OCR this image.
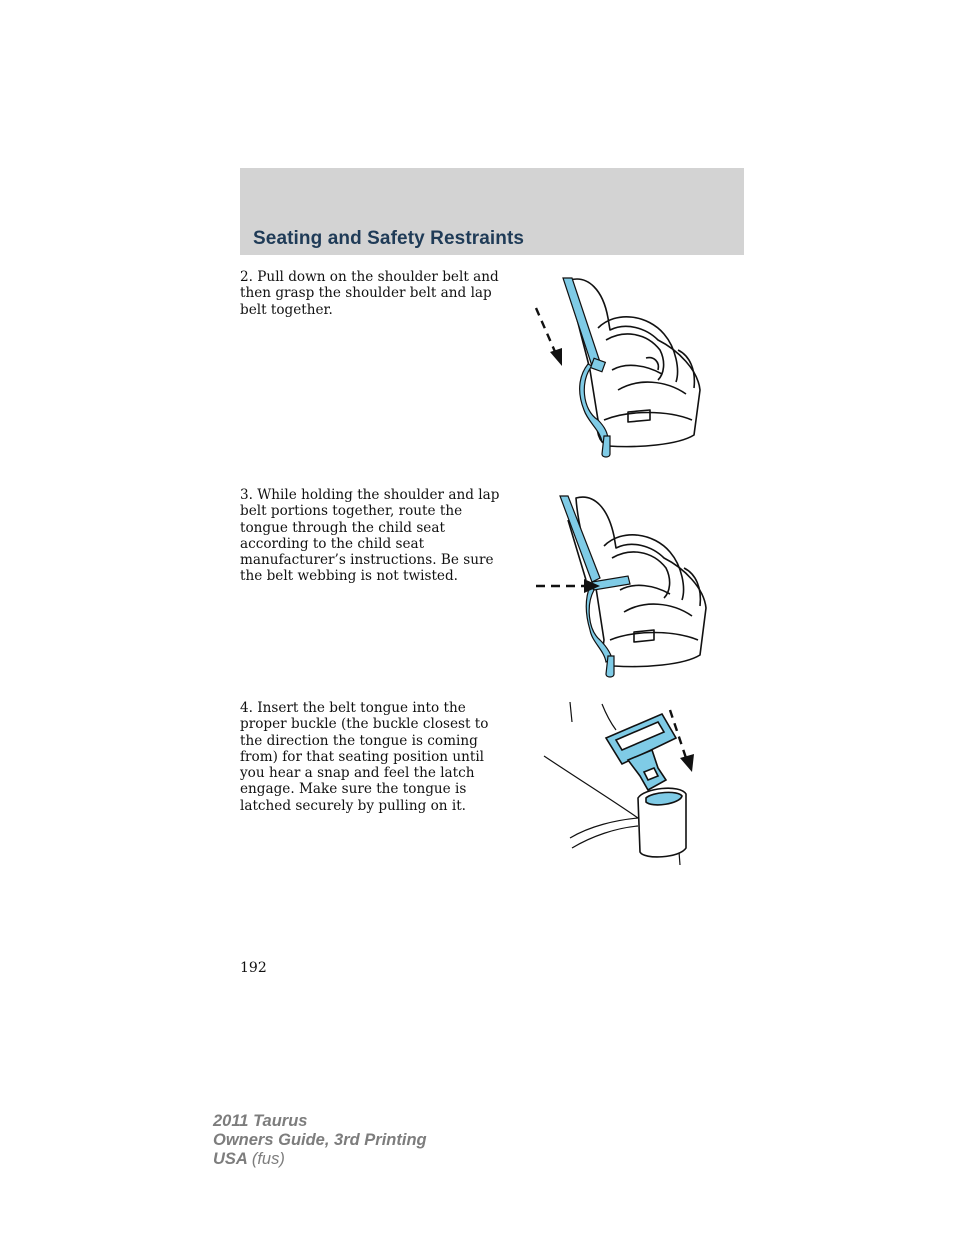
Seating and Safety Restraints
2. Pull down on the shoulder belt and then grasp the shoulder belt and lap belt together.
3. While holding the shoulder and lap belt portions together, route the tongue through the child seat according to the child seat manufacturer’s instructions. Be sure the belt webbing is not twisted.
4. Insert the belt tongue into the proper buckle (the buckle closest to the direction the tongue is coming from) for that seating position until you hear a snap and feel the latch engage. Make sure the tongue is latched securely by pulling on it.
192
2011 Taurus
Owners Guide, 3rd Printing
USA (fus)
